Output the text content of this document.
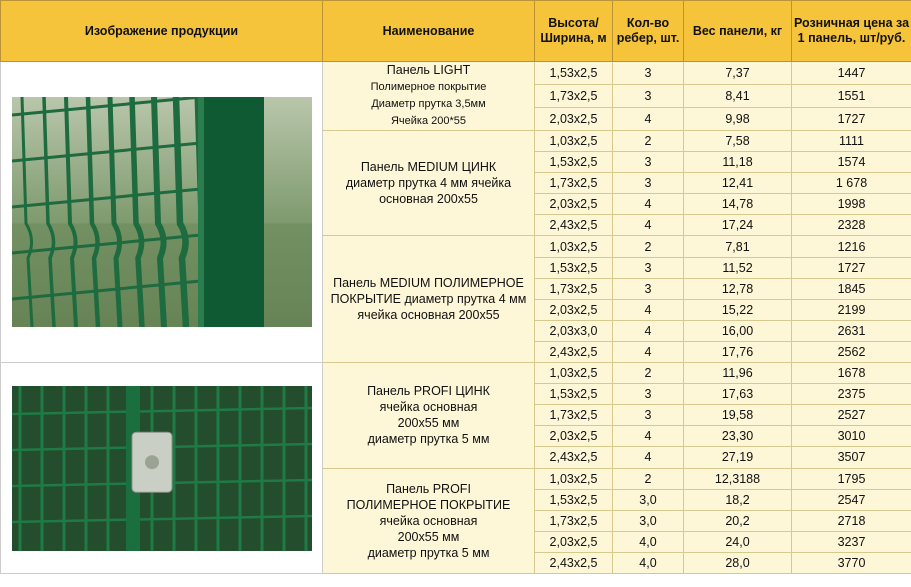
Изображение продукции	Наименование	Высота/ Ширина, м	Кол-во ребер, шт.	Вес панели, кг	Розничная цена за 1 панель, шт/руб.

Панель LIGHT
Полимерное покрытие
Диаметр прутка 3,5мм
Ячейка 200*55	1,53x2,5	3	7,37	1447
		1,73x2,5	3	8,41	1551
		2,03x2,5	4	9,98	1727

	Панель MEDIUM ЦИНК
диаметр прутка 4 мм ячейка
основная 200x55	1,03x2,5	2	7,58	1111
		1,53x2,5	3	11,18	1574
		1,73x2,5	3	12,41	1 678
		2,03x2,5	4	14,78	1998
		2,43x2,5	4	17,24	2328

	Панель MEDIUM ПОЛИМЕРНОЕ
ПОКРЫТИЕ диаметр прутка 4 мм
ячейка основная 200x55	1,03x2,5	2	7,81	1216
		1,53x2,5	3	11,52	1727
		1,73x2,5	3	12,78	1845
		2,03x2,5	4	15,22	2199
		2,03x3,0	4	16,00	2631
		2,43x2,5	4	17,76	2562

Панель PROFI ЦИНК
ячейка основная
200x55 мм
диаметр прутка 5 мм	1,03x2,5	2	11,96	1678
		1,53x2,5	3	17,63	2375
		1,73x2,5	3	19,58	2527
		2,03x2,5	4	23,30	3010
		2,43x2,5	4	27,19	3507

	Панель PROFI
ПОЛИМЕРНОЕ ПОКРЫТИЕ
ячейка основная
200x55 мм
диаметр прутка 5 мм	1,03x2,5	2	12,3188	1795
		1,53x2,5	3,0	18,2	2547
		1,73x2,5	3,0	20,2	2718
		2,03x2,5	4,0	24,0	3237
		2,43x2,5	4,0	28,0	3770
